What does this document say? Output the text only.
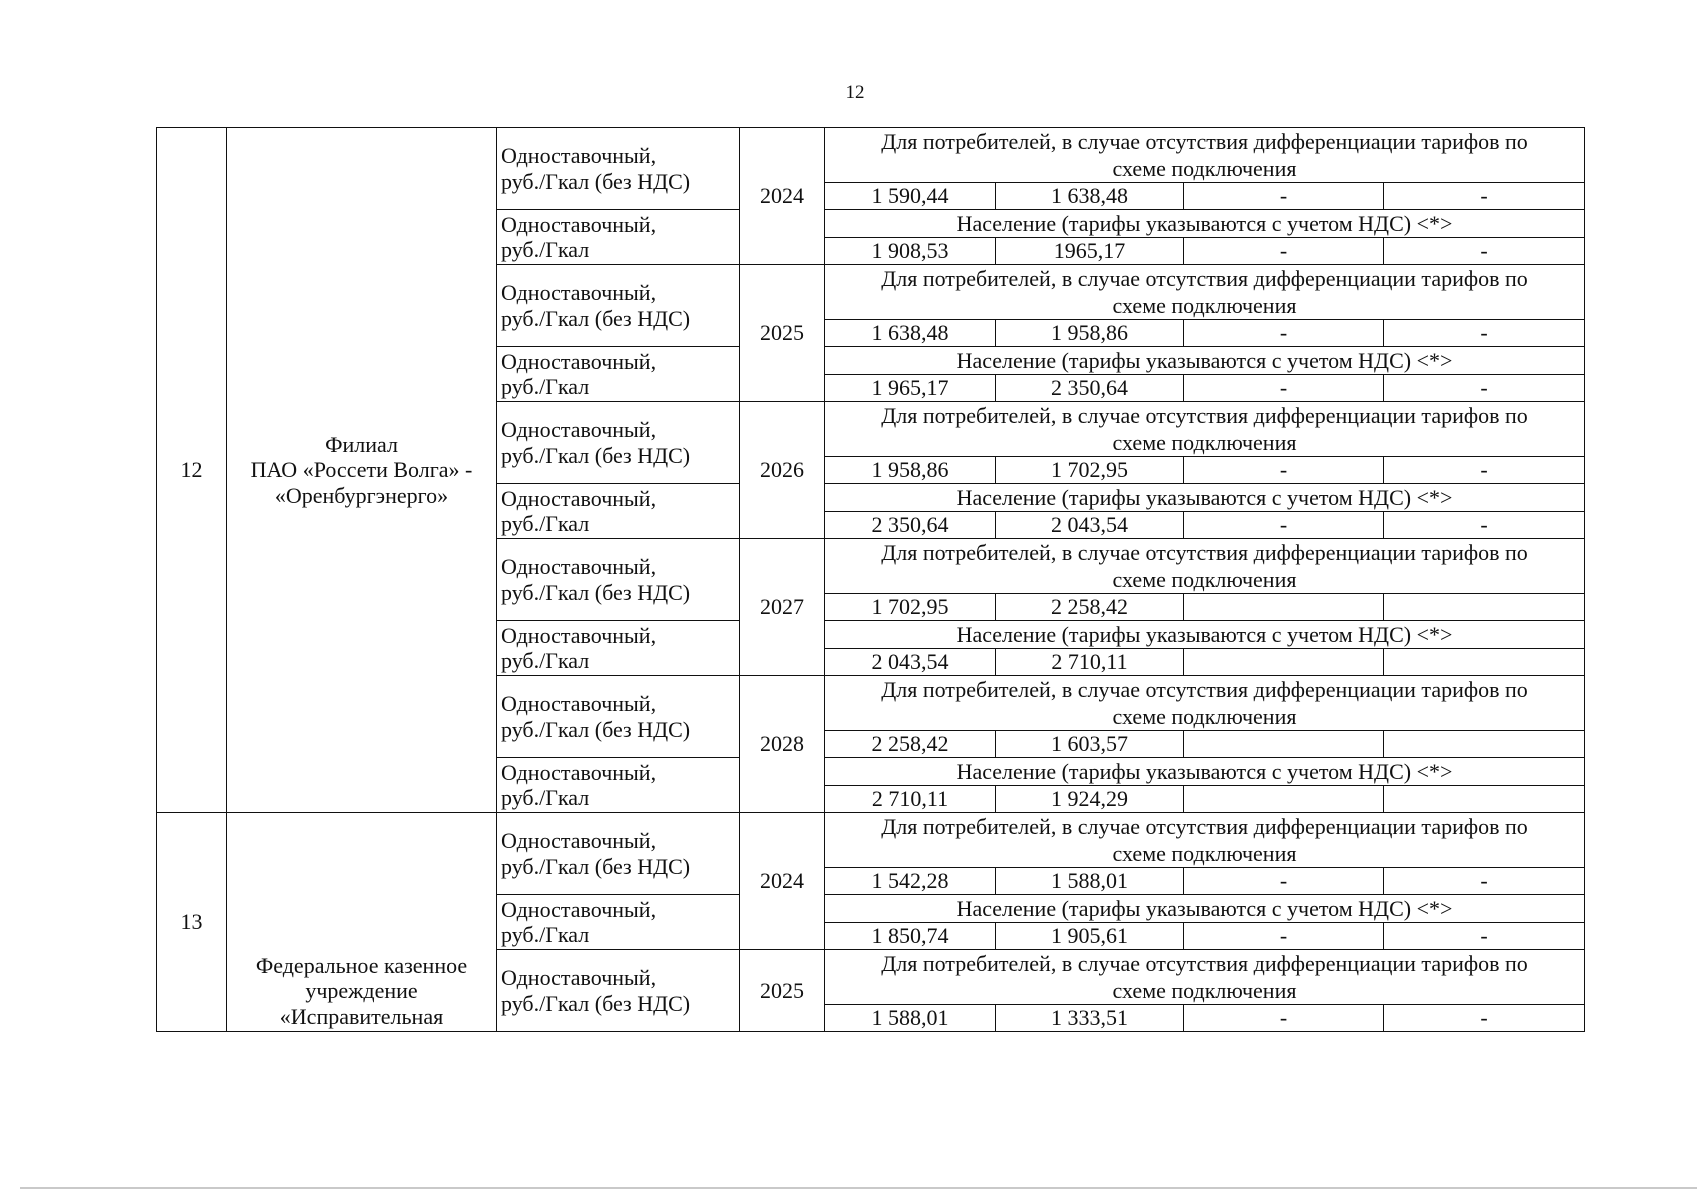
12
12	Филиал
ПАО «Россети Волга» -
«Оренбургэнерго»	Одноставочный,
руб./Гкал (без НДС)	2024	Для потребителей, в случае отсутствия дифференциации тарифов по
схеме подключения			
				1 590,44	1 638,48	-	-
		Одноставочный,
руб./Гкал		Население (тарифы указываются с учетом НДС) <*>			
				1 908,53	1965,17	-	-
		Одноставочный,
руб./Гкал (без НДС)	2025	Для потребителей, в случае отсутствия дифференциации тарифов по
схеме подключения			
				1 638,48	1 958,86	-	-
		Одноставочный,
руб./Гкал		Население (тарифы указываются с учетом НДС) <*>			
				1 965,17	2 350,64	-	-
		Одноставочный,
руб./Гкал (без НДС)	2026	Для потребителей, в случае отсутствия дифференциации тарифов по
схеме подключения			
				1 958,86	1 702,95	-	-
		Одноставочный,
руб./Гкал		Население (тарифы указываются с учетом НДС) <*>			
				2 350,64	2 043,54	-	-
		Одноставочный,
руб./Гкал (без НДС)	2027	Для потребителей, в случае отсутствия дифференциации тарифов по
схеме подключения			
				1 702,95	2 258,42		
		Одноставочный,
руб./Гкал		Население (тарифы указываются с учетом НДС) <*>			
				2 043,54	2 710,11		
		Одноставочный,
руб./Гкал (без НДС)	2028	Для потребителей, в случае отсутствия дифференциации тарифов по
схеме подключения			
				2 258,42	1 603,57		
		Одноставочный,
руб./Гкал		Население (тарифы указываются с учетом НДС) <*>			
				2 710,11	1 924,29		
13	Федеральное казенное
учреждение
«Исправительная	Одноставочный,
руб./Гкал (без НДС)	2024	Для потребителей, в случае отсутствия дифференциации тарифов по
схеме подключения			
				1 542,28	1 588,01	-	-
		Одноставочный,
руб./Гкал		Население (тарифы указываются с учетом НДС) <*>			
				1 850,74	1 905,61	-	-
		Одноставочный,
руб./Гкал (без НДС)	2025	Для потребителей, в случае отсутствия дифференциации тарифов по
схеме подключения			
				1 588,01	1 333,51	-	-
